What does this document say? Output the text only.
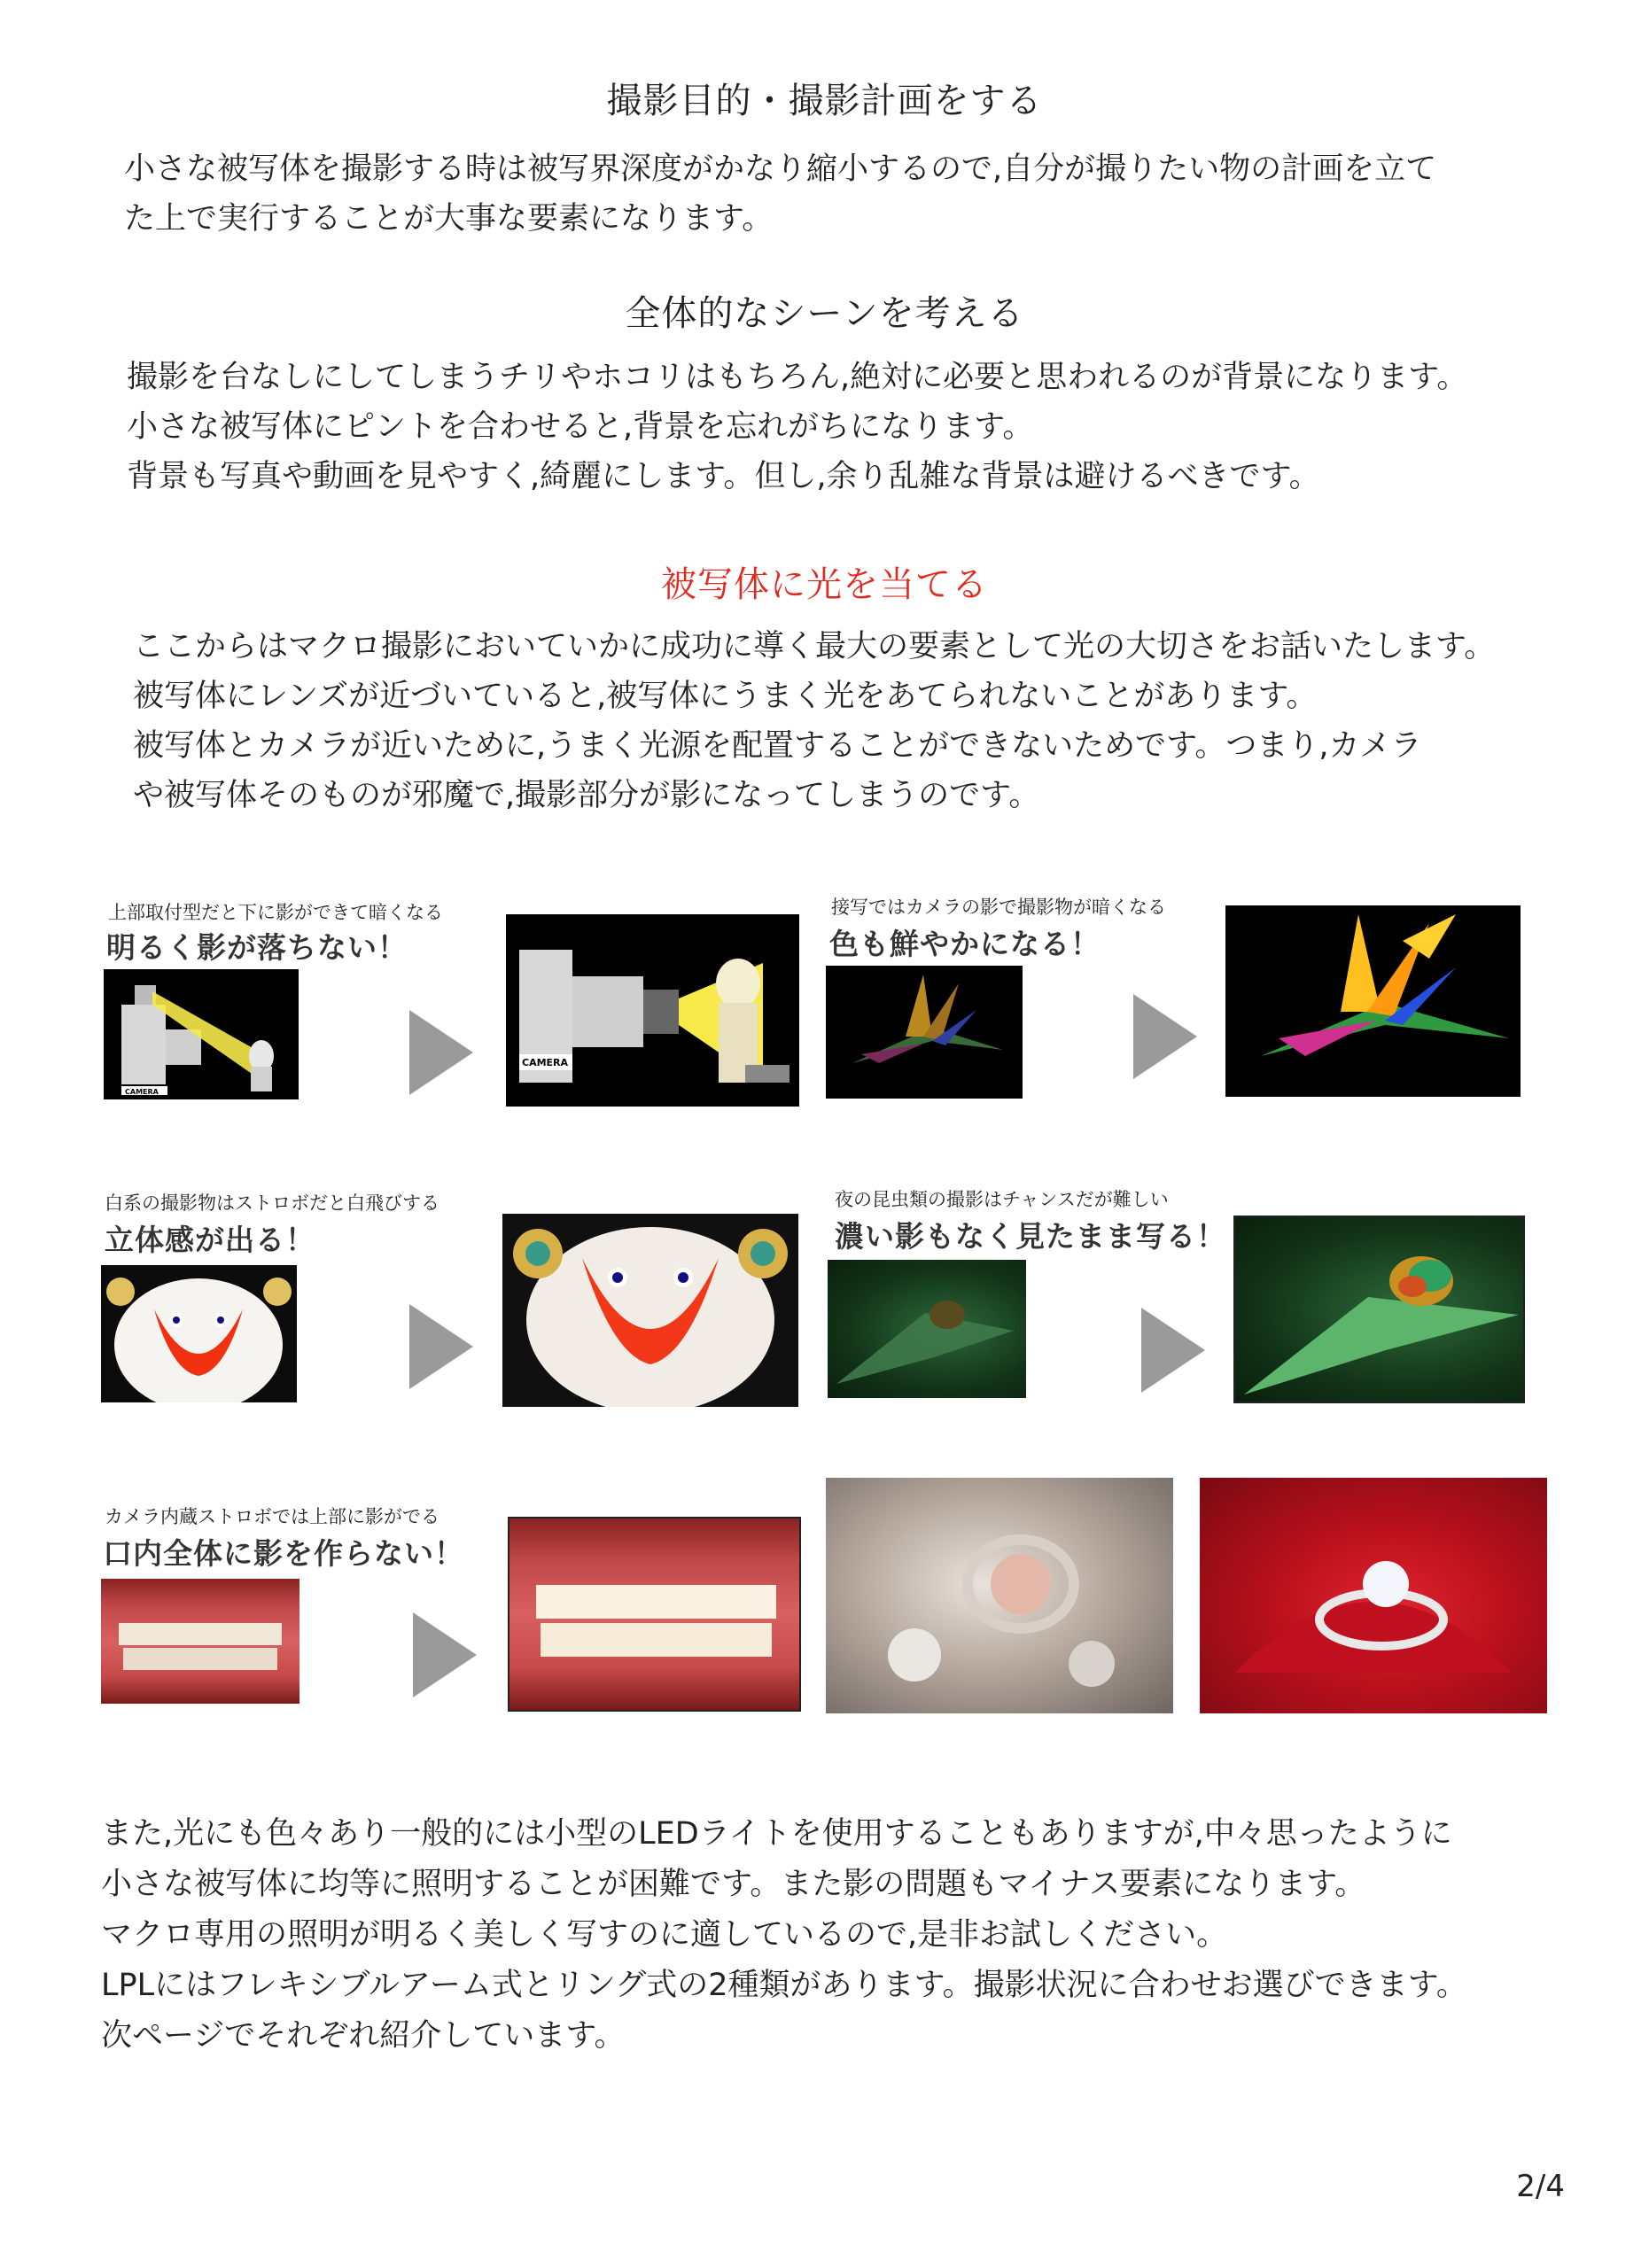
撮影目的・撮影計画をする

小さな被写体を撮影する時は被写界深度がかなり縮小するので,自分が撮りたい物の計画を立て

た上で実行することが大事な要素になります。

全体的なシーンを考える

撮影を台なしにしてしまうチリやホコリはもちろん,絶対に必要と思われるのが背景になります。

小さな被写体にピントを合わせると,背景を忘れがちになります。

背景も写真や動画を見やすく,綺麗にします。但し,余り乱雑な背景は避けるべきです。

被写体に光を当てる

ここからはマクロ撮影においていかに成功に導く最大の要素として光の大切さをお話いたします。

被写体にレンズが近づいていると,被写体にうまく光をあてられないことがあります。

被写体とカメラが近いために,うまく光源を配置することができないためです。つまり,カメラ

や被写体そのものが邪魔で,撮影部分が影になってしまうのです。

上部取付型だと下に影ができて暗くなる
明るく影が落ちない！
CAMERA
CAMERA
接写ではカメラの影で撮影物が暗くなる
色も鮮やかになる！
白系の撮影物はストロボだと白飛びする
立体感が出る！
夜の昆虫類の撮影はチャンスだが難しい
濃い影もなく見たまま写る！
カメラ内蔵ストロボでは上部に影がでる
口内全体に影を作らない！

また,光にも色々あり一般的には小型のLEDライトを使用することもありますが,中々思ったように

小さな被写体に均等に照明することが困難です。また影の問題もマイナス要素になります。

マクロ専用の照明が明るく美しく写すのに適しているので,是非お試しください。

LPLにはフレキシブルアーム式とリング式の2種類があります。撮影状況に合わせお選びできます。

次ページでそれぞれ紹介しています。

2/4
